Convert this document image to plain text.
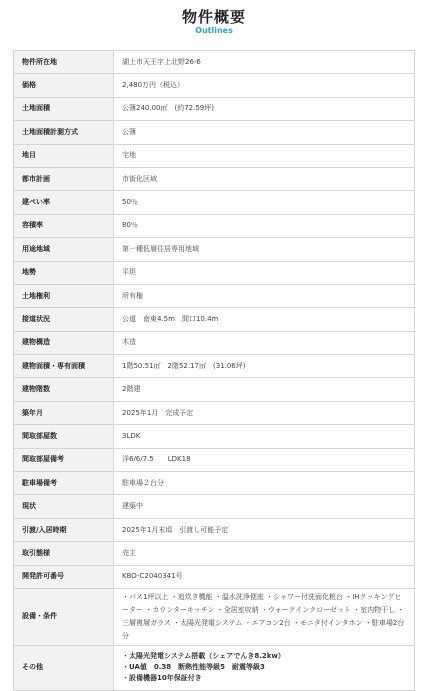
物件概要
Outlines
物件所在地	湖上市天王字上北野26-6
価格	2,480万円（税込）
土地面積	公簿240.00㎡　(約72.59坪)
土地面積計測方式	公簿
地目	宅地
都市計画	市街化区域
建ぺい率	50％
容積率	80％
用途地域	第一種低層住居専用地域
地勢	平坦
土地権利	所有権
接道状況	公道　南東4.5m　間口10.4m
建物構造	木造
建物面積・専有面積	1階50.51㎡　2階52.17㎡　(31.06坪)
建物階数	2階建
築年月	2025年1月　完成予定
間取部屋数	3LDK
間取部屋備考	洋6/6/7.5　　LDK18
駐車場備考	駐車場２台分
現状	建築中
引渡/入居時期	2025年1月末頃　引渡し可能予定
取引態様	売主
開発許可番号	KBO-C2040341号
設備・条件	・バス1坪以上 ・追炊き機能 ・温水洗浄便座 ・シャワー付洗面化粧台 ・IHクッキングヒーター ・カウンターキッチン ・全居室収納 ・ウォークインクローゼット ・室内物干し ・三層複層ガラス ・太陽光発電システム ・エアコン2台 ・モニタ付インタホン ・駐車場2台分

その他	・太陽光発電システム搭載（シェアでんき8.2kw）
・UA値　0.38　断熱性能等級5　耐震等級3
・設備機器10年保証付き
